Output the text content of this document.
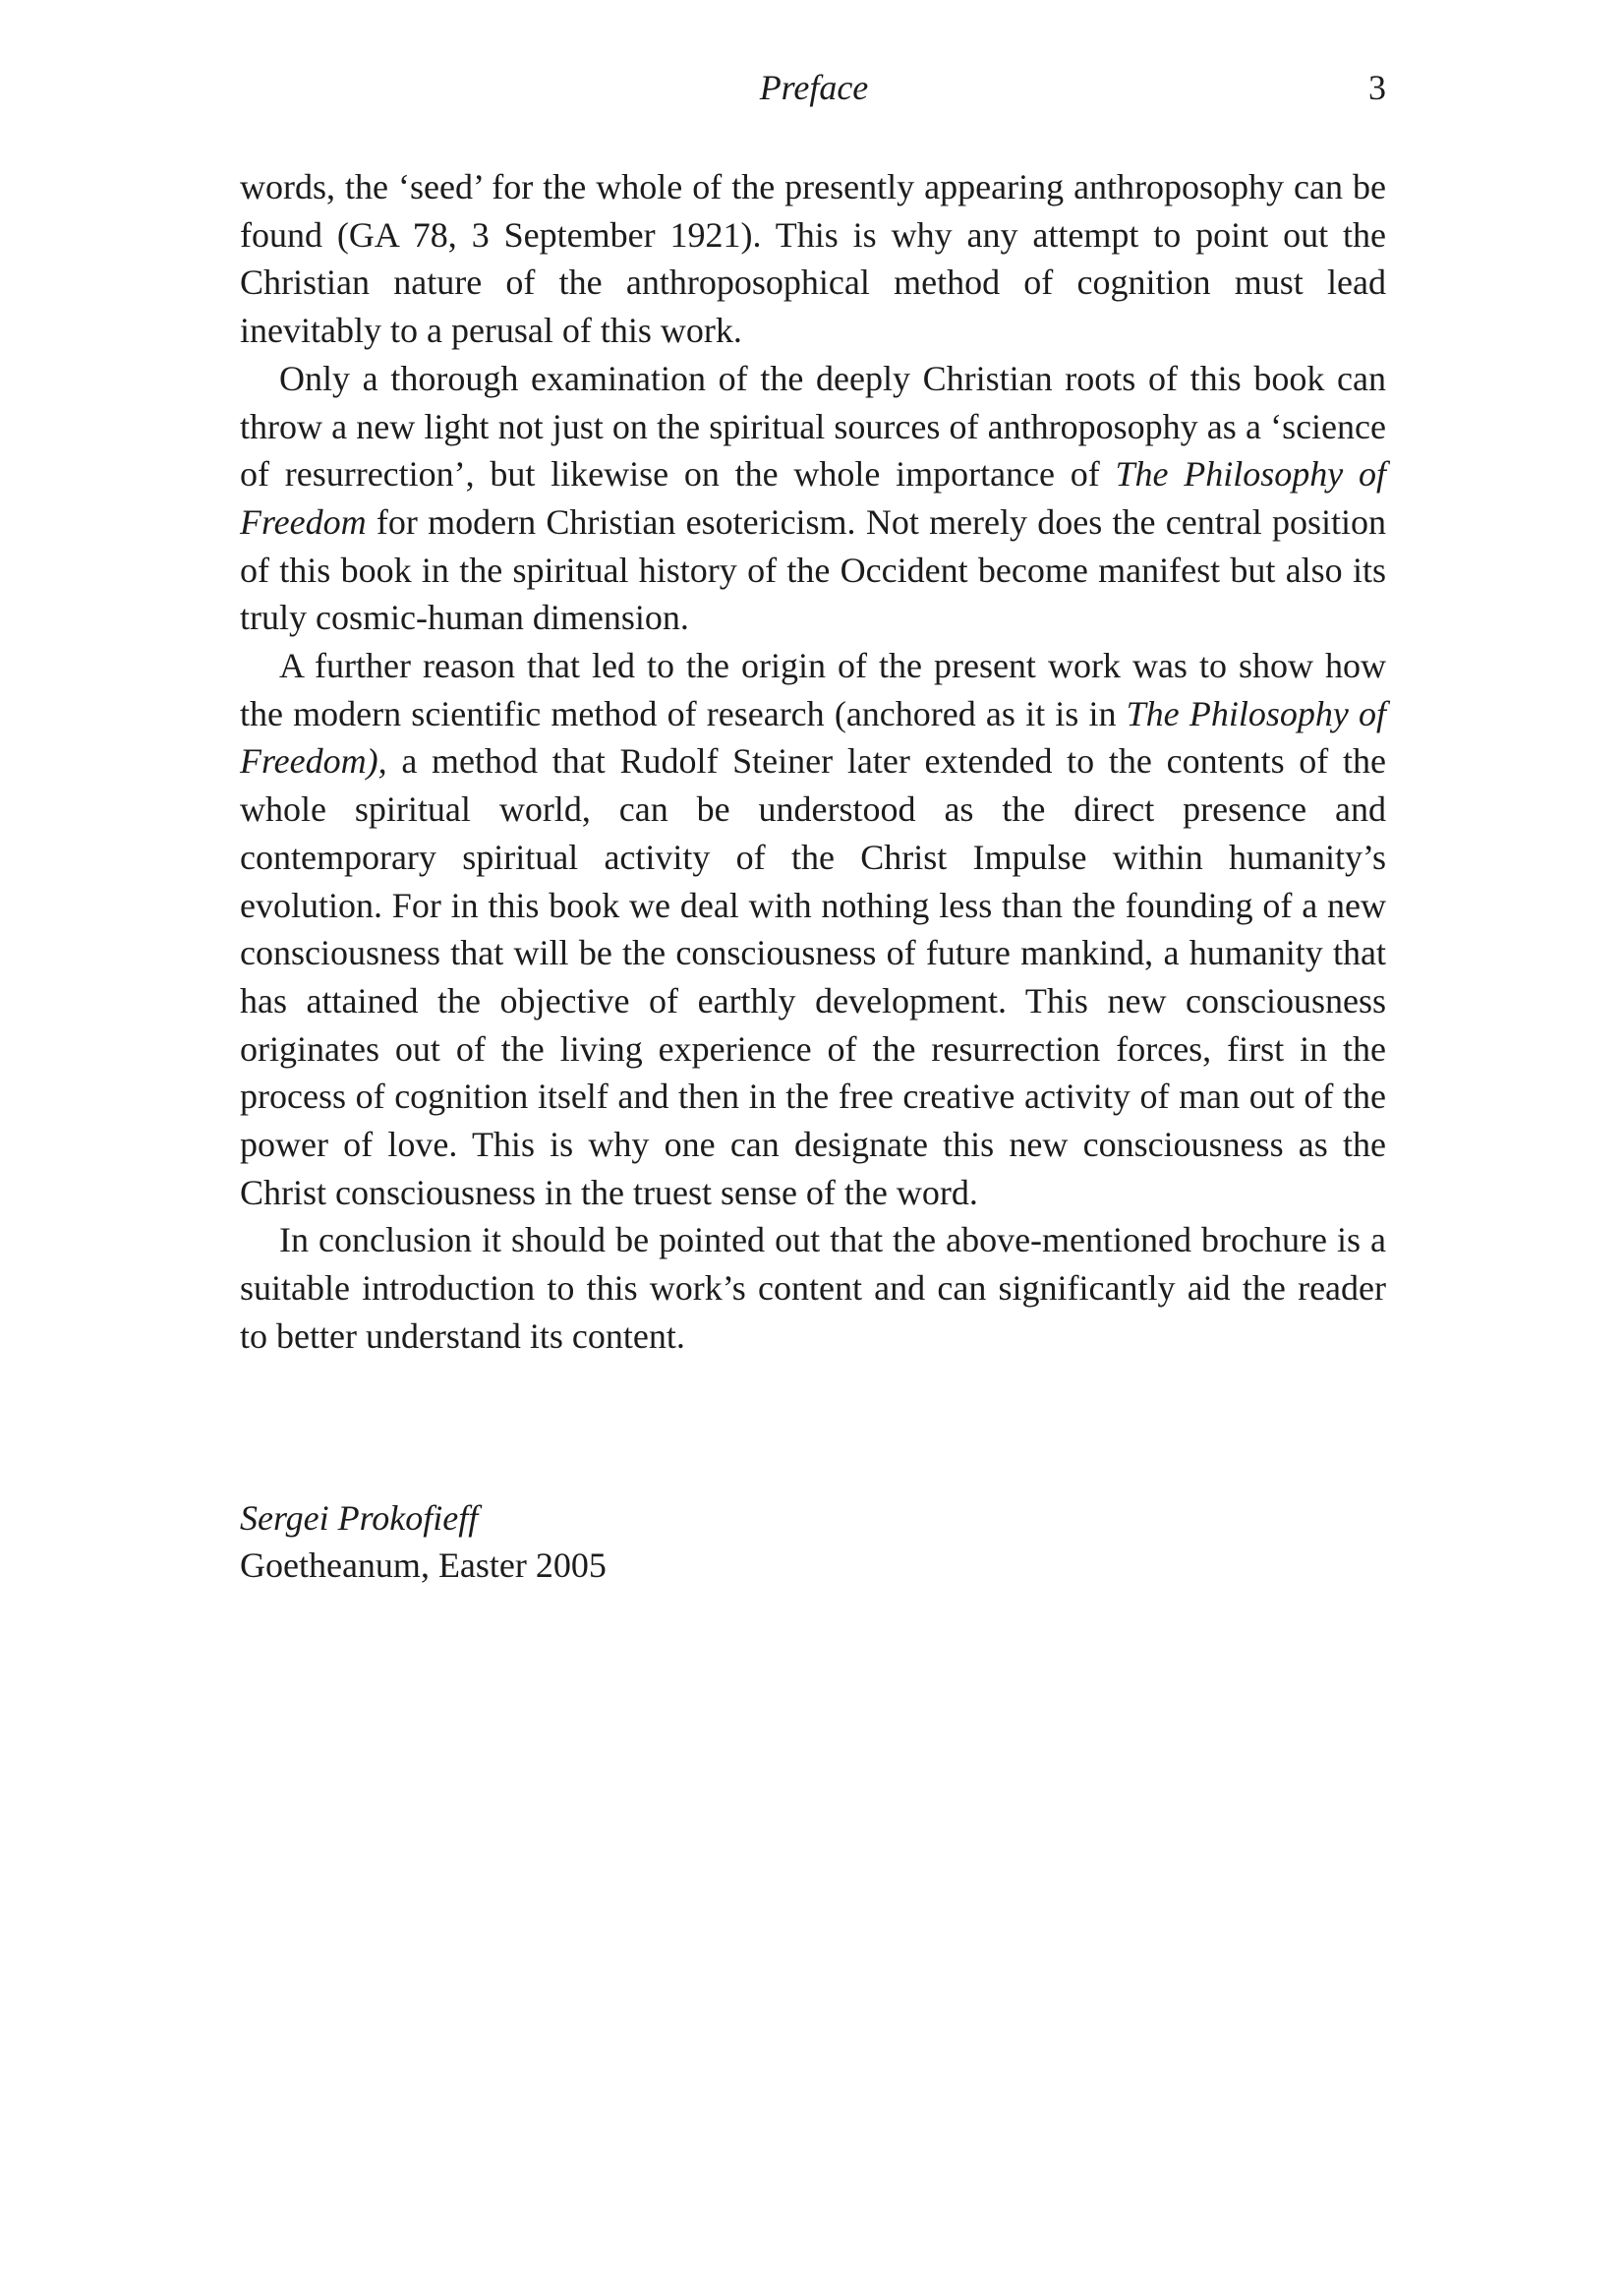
Preface	3

words, the ‘seed’ for the whole of the presently appearing anthroposophy can be found (GA 78, 3 September 1921). This is why any attempt to point out the Christian nature of the anthroposophical method of cognition must lead inevitably to a perusal of this work.

Only a thorough examination of the deeply Christian roots of this book can throw a new light not just on the spiritual sources of anthroposophy as a ‘science of resurrection’, but likewise on the whole importance of The Philosophy of Freedom for modern Christian esotericism. Not merely does the central position of this book in the spiritual history of the Occident become manifest but also its truly cosmic-human dimension.

A further reason that led to the origin of the present work was to show how the modern scientific method of research (anchored as it is in The Philosophy of Freedom), a method that Rudolf Steiner later extended to the contents of the whole spiritual world, can be understood as the direct presence and contemporary spiritual activity of the Christ Impulse within humanity’s evolution. For in this book we deal with nothing less than the founding of a new consciousness that will be the consciousness of future mankind, a humanity that has attained the objective of earthly development. This new consciousness originates out of the living experience of the resurrection forces, first in the process of cognition itself and then in the free creative activity of man out of the power of love. This is why one can designate this new consciousness as the Christ consciousness in the truest sense of the word.

In conclusion it should be pointed out that the above-mentioned brochure is a suitable introduction to this work’s content and can significantly aid the reader to better understand its content.

Sergei Prokofieff
Goetheanum, Easter 2005
